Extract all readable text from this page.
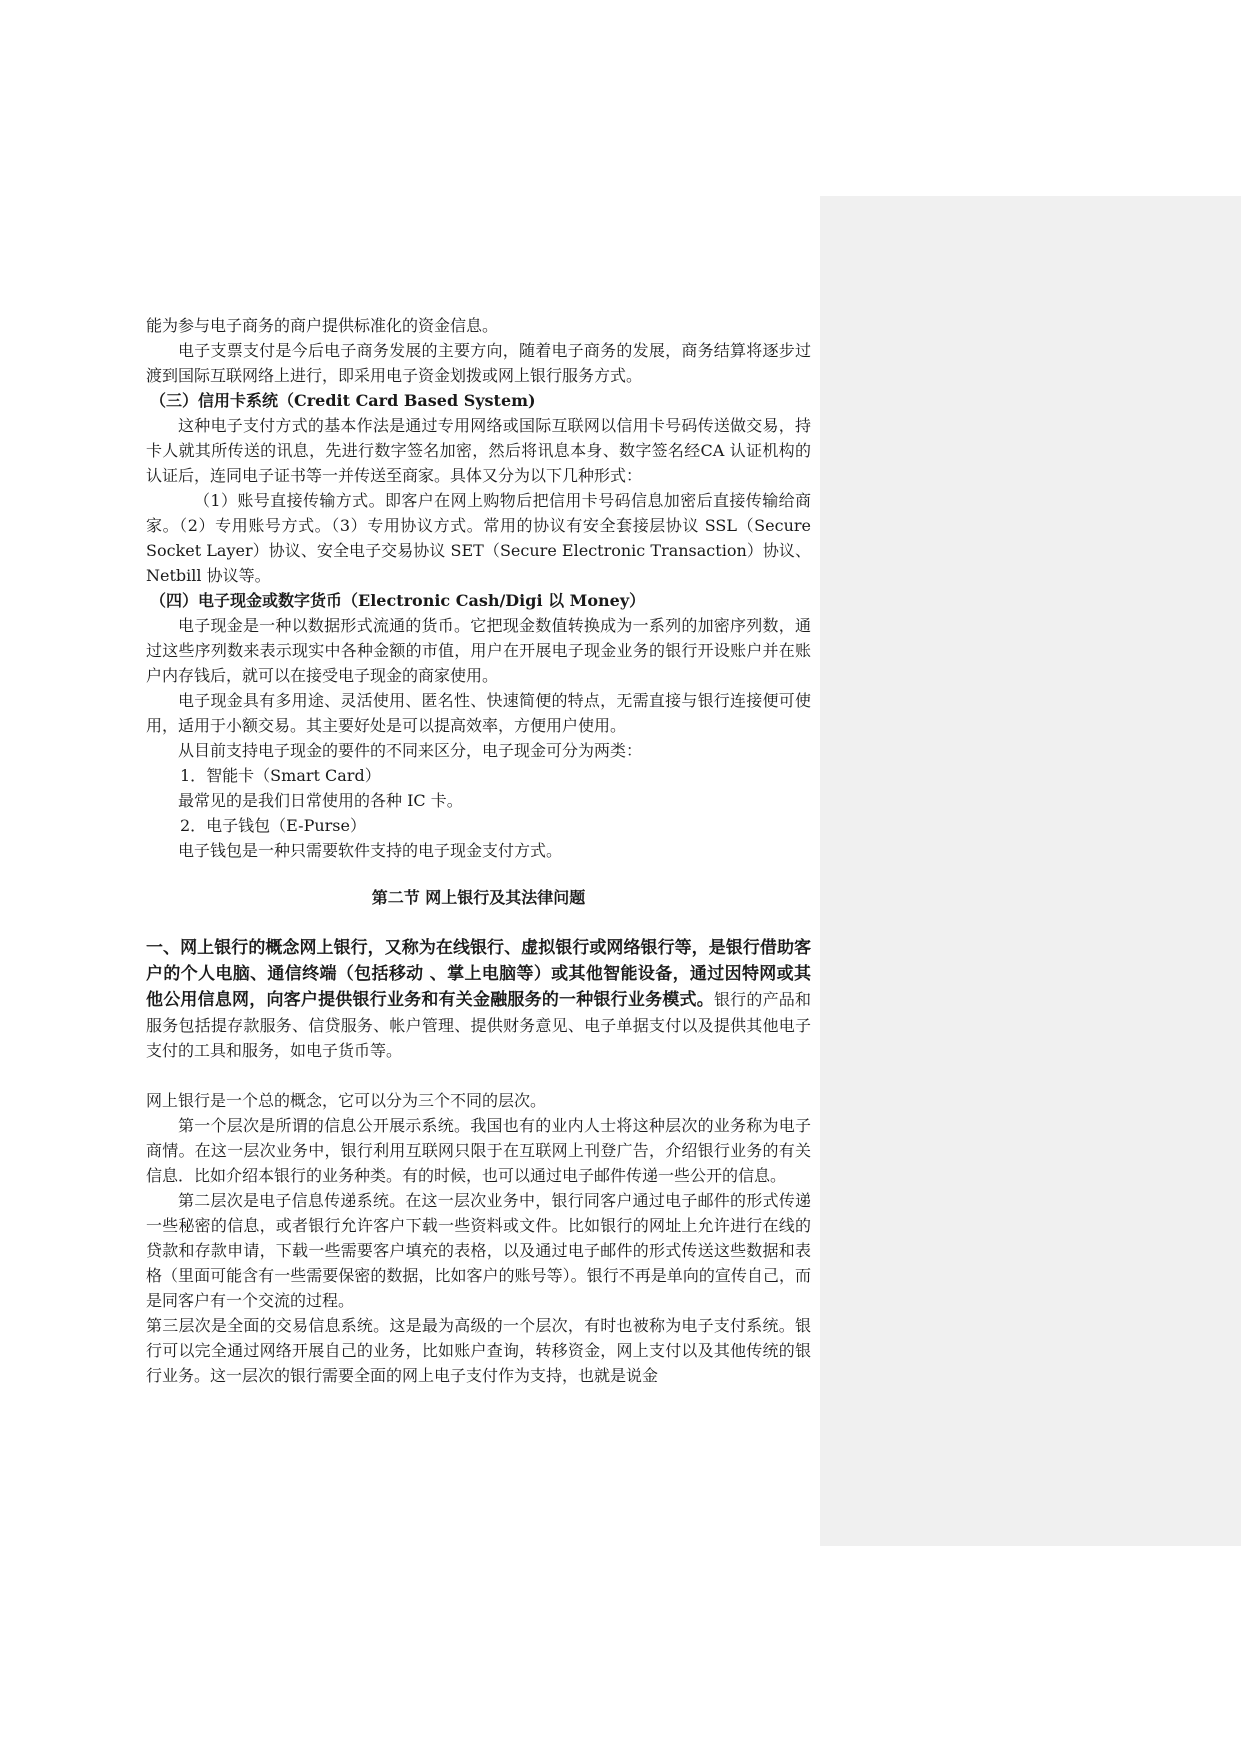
能为参与电子商务的商户提供标准化的资金信息。

电子支票支付是今后电子商务发展的主要方向，随着电子商务的发展，商务结算将逐步过渡到国际互联网络上进行，即采用电子资金划拨或网上银行服务方式。

（三）信用卡系统（Credit Card Based System)

这种电子支付方式的基本作法是通过专用网络或国际互联网以信用卡号码传送做交易，持卡人就其所传送的讯息，先进行数字签名加密，然后将讯息本身、数字签名经CA 认证机构的认证后，连同电子证书等一并传送至商家。具体又分为以下几种形式：

（1）账号直接传输方式。即客户在网上购物后把信用卡号码信息加密后直接传输给商家。（2）专用账号方式。（3）专用协议方式。常用的协议有安全套接层协议 SSL（Secure Socket Layer）协议、安全电子交易协议 SET（Secure Electronic Transaction）协议、Netbill 协议等。

（四）电子现金或数字货币（Electronic Cash/Digi 以 Money）

电子现金是一种以数据形式流通的货币。它把现金数值转换成为一系列的加密序列数，通过这些序列数来表示现实中各种金额的市值，用户在开展电子现金业务的银行开设账户并在账户内存钱后，就可以在接受电子现金的商家使用。

电子现金具有多用途、灵活使用、匿名性、快速简便的特点，无需直接与银行连接便可使用，适用于小额交易。其主要好处是可以提高效率，方便用户使用。

从目前支持电子现金的要件的不同来区分，电子现金可分为两类：

1．智能卡（Smart Card）

最常见的是我们日常使用的各种 IC 卡。

2．电子钱包（E-Purse）

电子钱包是一种只需要软件支持的电子现金支付方式。

第二节 网上银行及其法律问题

一、网上银行的概念网上银行，又称为在线银行、虚拟银行或网络银行等，是银行借助客户的个人电脑、通信终端（包括移动 、掌上电脑等）或其他智能设备，通过因特网或其他公用信息网，向客户提供银行业务和有关金融服务的一种银行业务模式。银行的产品和服务包括提存款服务、信贷服务、帐户管理、提供财务意见、电子单据支付以及提供其他电子支付的工具和服务，如电子货币等。

网上银行是一个总的概念，它可以分为三个不同的层次。

第一个层次是所谓的信息公开展示系统。我国也有的业内人士将这种层次的业务称为电子商情。在这一层次业务中，银行利用互联网只限于在互联网上刊登广告，介绍银行业务的有关信息．比如介绍本银行的业务种类。有的时候，也可以通过电子邮件传递一些公开的信息。

第二层次是电子信息传递系统。在这一层次业务中，银行同客户通过电子邮件的形式传递一些秘密的信息，或者银行允许客户下载一些资料或文件。比如银行的网址上允许进行在线的贷款和存款申请，下载一些需要客户填充的表格，以及通过电子邮件的形式传送这些数据和表格（里面可能含有一些需要保密的数据，比如客户的账号等）。银行不再是单向的宣传自己，而是同客户有一个交流的过程。

第三层次是全面的交易信息系统。这是最为高级的一个层次，有时也被称为电子支付系统。银行可以完全通过网络开展自己的业务，比如账户查询，转移资金，网上支付以及其他传统的银行业务。这一层次的银行需要全面的网上电子支付作为支持，也就是说金
